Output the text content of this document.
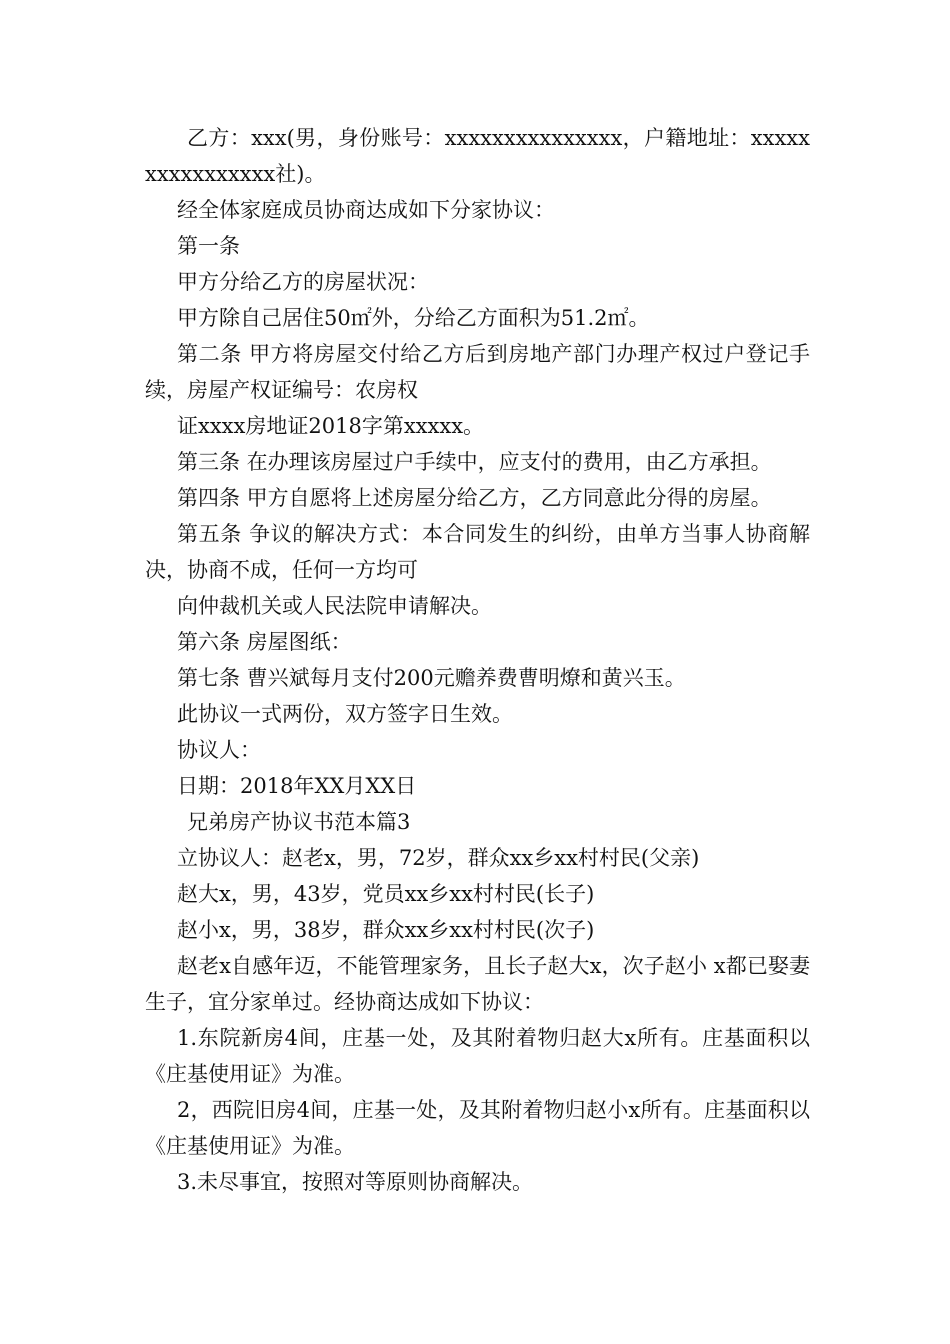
乙方：xxx(男，身份账号：xxxxxxxxxxxxxxx，户籍地址：xxxxxxxxxxxxxxxx社)。

经全体家庭成员协商达成如下分家协议：

第一条

甲方分给乙方的房屋状况：

甲方除自己居住50㎡外，分给乙方面积为51.2㎡。

第二条 甲方将房屋交付给乙方后到房地产部门办理产权过户登记手续，房屋产权证编号：农房权

证xxxx房地证2018字第xxxxx。

第三条 在办理该房屋过户手续中，应支付的费用，由乙方承担。

第四条 甲方自愿将上述房屋分给乙方，乙方同意此分得的房屋。

第五条 争议的解决方式：本合同发生的纠纷，由单方当事人协商解决，协商不成，任何一方均可

向仲裁机关或人民法院申请解决。

第六条 房屋图纸：

第七条 曹兴斌每月支付200元赡养费曹明燎和黄兴玉。

此协议一式两份，双方签字日生效。

协议人：

日期：2018年XX月XX日

兄弟房产协议书范本篇3

立协议人：赵老x，男，72岁，群众xx乡xx村村民(父亲)

赵大x，男，43岁，党员xx乡xx村村民(长子)

赵小x，男，38岁，群众xx乡xx村村民(次子)

赵老x自感年迈，不能管理家务，且长子赵大x，次子赵小 x都已娶妻生子，宜分家单过。经协商达成如下协议：

1.东院新房4间，庄基一处，及其附着物归赵大x所有。庄基面积以《庄基使用证》为准。

2，西院旧房4间，庄基一处，及其附着物归赵小x所有。庄基面积以《庄基使用证》为准。

3.未尽事宜，按照对等原则协商解决。
